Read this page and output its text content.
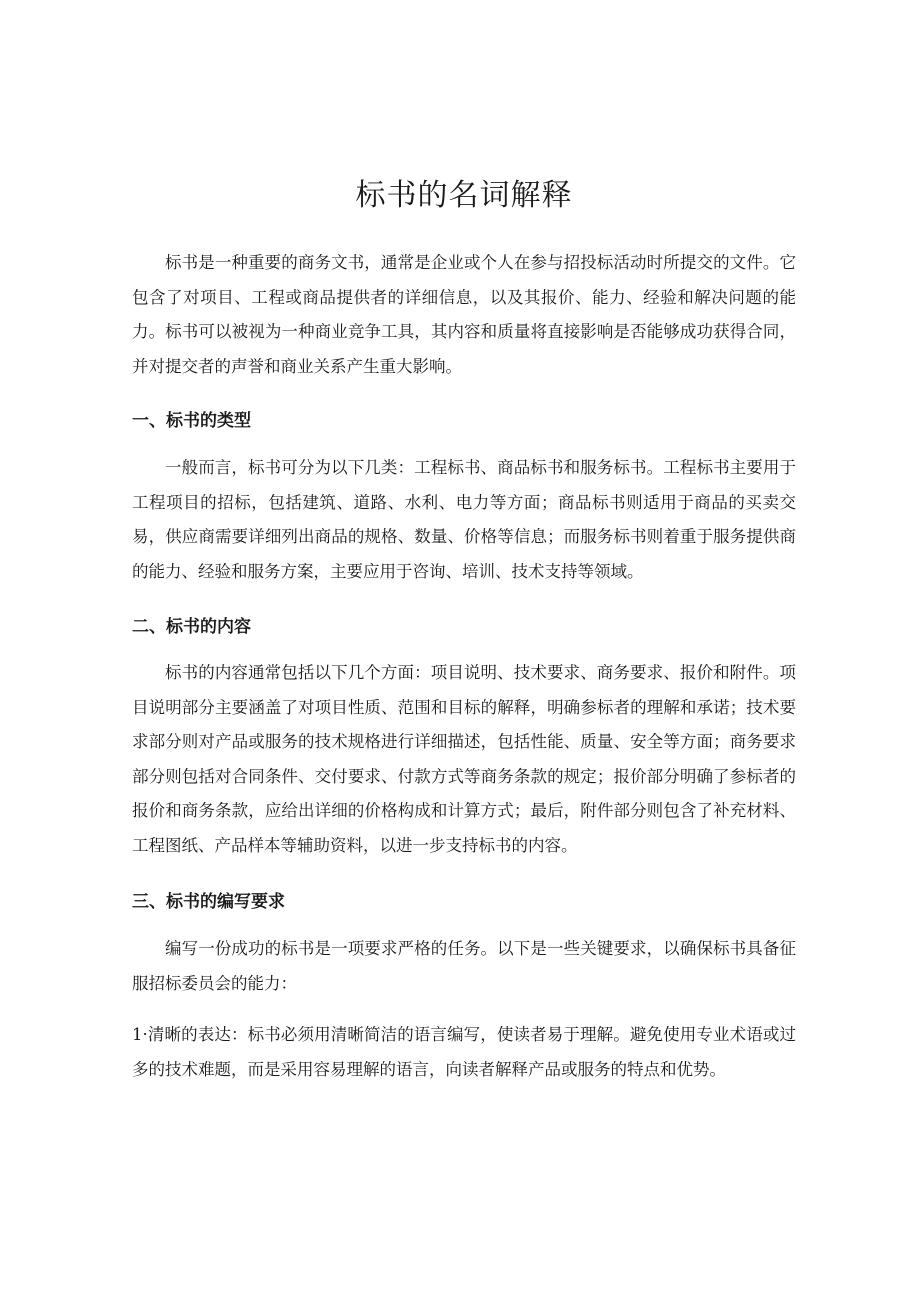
标书的名词解释

标书是一种重要的商务文书，通常是企业或个人在参与招投标活动时所提交的文件。它包含了对项目、工程或商品提供者的详细信息，以及其报价、能力、经验和解决问题的能力。标书可以被视为一种商业竞争工具，其内容和质量将直接影响是否能够成功获得合同，并对提交者的声誉和商业关系产生重大影响。

一、标书的类型

一般而言，标书可分为以下几类：工程标书、商品标书和服务标书。工程标书主要用于工程项目的招标，包括建筑、道路、水利、电力等方面；商品标书则适用于商品的买卖交易，供应商需要详细列出商品的规格、数量、价格等信息；而服务标书则着重于服务提供商的能力、经验和服务方案，主要应用于咨询、培训、技术支持等领域。

二、标书的内容

标书的内容通常包括以下几个方面：项目说明、技术要求、商务要求、报价和附件。项目说明部分主要涵盖了对项目性质、范围和目标的解释，明确参标者的理解和承诺；技术要求部分则对产品或服务的技术规格进行详细描述，包括性能、质量、安全等方面；商务要求部分则包括对合同条件、交付要求、付款方式等商务条款的规定；报价部分明确了参标者的报价和商务条款，应给出详细的价格构成和计算方式；最后，附件部分则包含了补充材料、工程图纸、产品样本等辅助资料，以进一步支持标书的内容。

三、标书的编写要求

编写一份成功的标书是一项要求严格的任务。以下是一些关键要求，以确保标书具备征服招标委员会的能力：

1·清晰的表达：标书必须用清晰简洁的语言编写，使读者易于理解。避免使用专业术语或过多的技术难题，而是采用容易理解的语言，向读者解释产品或服务的特点和优势。
